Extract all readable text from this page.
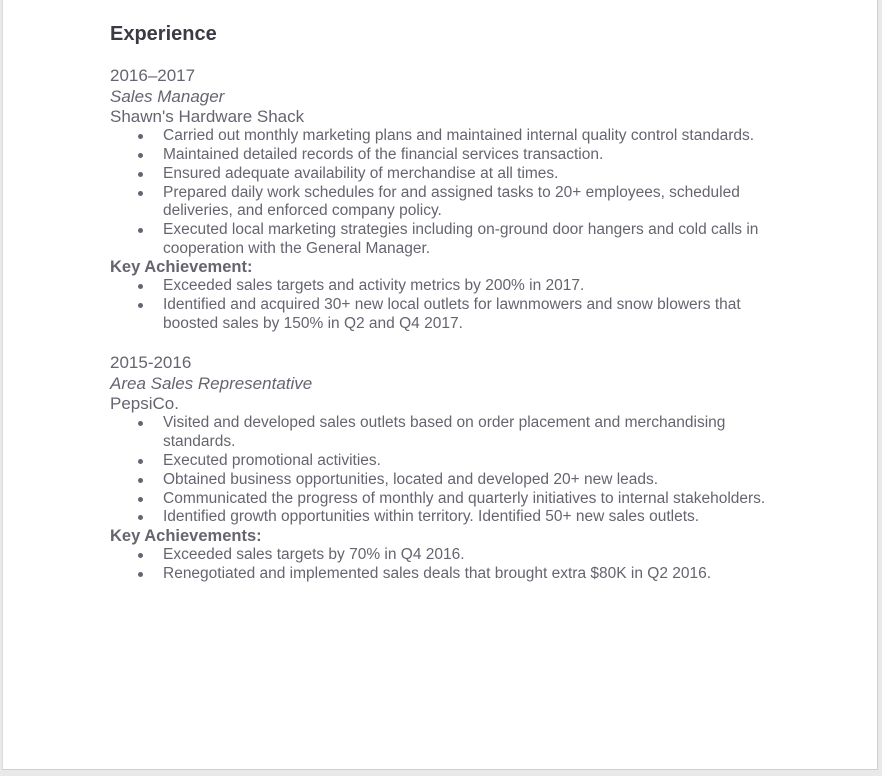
Experience
2016–2017
Sales Manager
Shawn's Hardware Shack
Carried out monthly marketing plans and maintained internal quality control standards.
Maintained detailed records of the financial services transaction.
Ensured adequate availability of merchandise at all times.
Prepared daily work schedules for and assigned tasks to 20+ employees, scheduled deliveries, and enforced company policy.
Executed local marketing strategies including on-ground door hangers and cold calls in cooperation with the General Manager.
Key Achievement:
Exceeded sales targets and activity metrics by 200% in 2017.
Identified and acquired 30+ new local outlets for lawnmowers and snow blowers that boosted sales by 150% in Q2 and Q4 2017.
2015-2016
Area Sales Representative
PepsiCo.
Visited and developed sales outlets based on order placement and merchandising standards.
Executed promotional activities.
Obtained business opportunities, located and developed 20+ new leads.
Communicated the progress of monthly and quarterly initiatives to internal stakeholders.
Identified growth opportunities within territory. Identified 50+ new sales outlets.
Key Achievements:
Exceeded sales targets by 70% in Q4 2016.
Renegotiated and implemented sales deals that brought extra $80K in Q2 2016.
